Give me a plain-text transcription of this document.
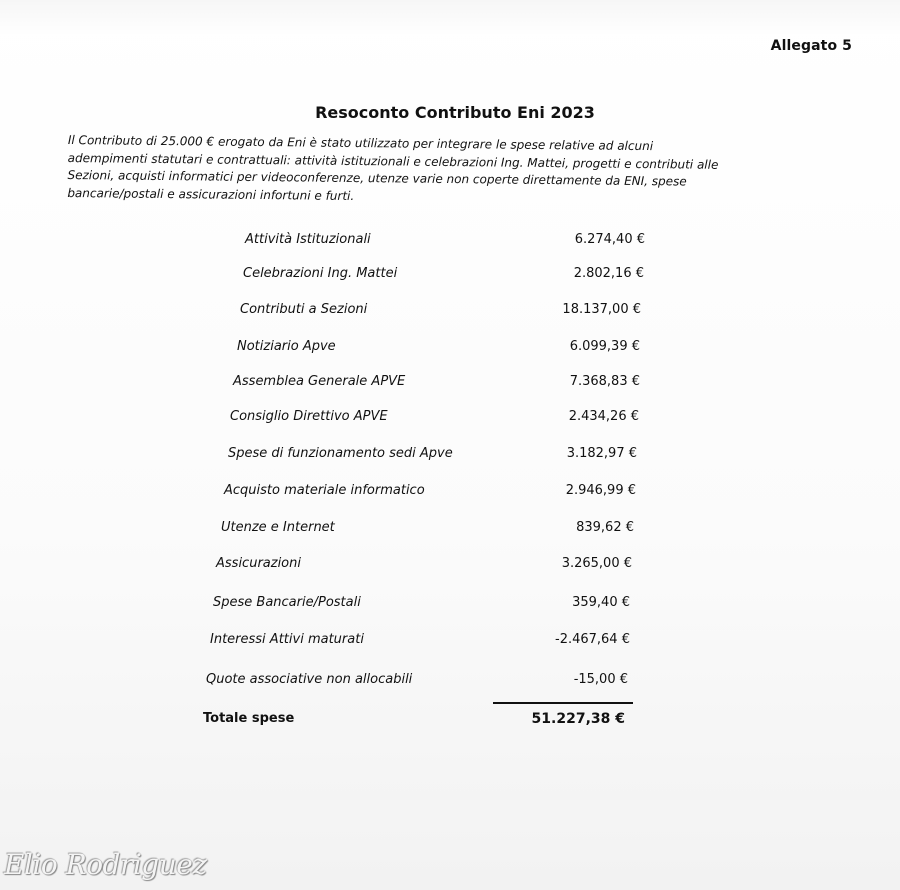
Allegato 5
Resoconto Contributo Eni 2023
Il Contributo di 25.000 € erogato da Eni è stato utilizzato per integrare le spese relative ad alcuni
adempimenti statutari e contrattuali: attività istituzionali e celebrazioni Ing. Mattei, progetti e contributi alle
Sezioni, acquisti informatici per videoconferenze, utenze varie non coperte direttamente da ENI, spese
bancarie/postali e assicurazioni infortuni e furti.
Attività Istituzionali	6.274,40 €
Celebrazioni Ing. Mattei	2.802,16 €
Contributi a Sezioni	18.137,00 €
Notiziario Apve	6.099,39 €
Assemblea Generale APVE	7.368,83 €
Consiglio Direttivo APVE	2.434,26 €
Spese di funzionamento sedi Apve	3.182,97 €
Acquisto materiale informatico	2.946,99 €
Utenze e Internet	839,62 €
Assicurazioni	3.265,00 €
Spese Bancarie/Postali	359,40 €
Interessi Attivi maturati	-2.467,64 €
Quote associative non allocabili	-15,00 €
Totale spese	51.227,38 €
Elio Rodriguez
